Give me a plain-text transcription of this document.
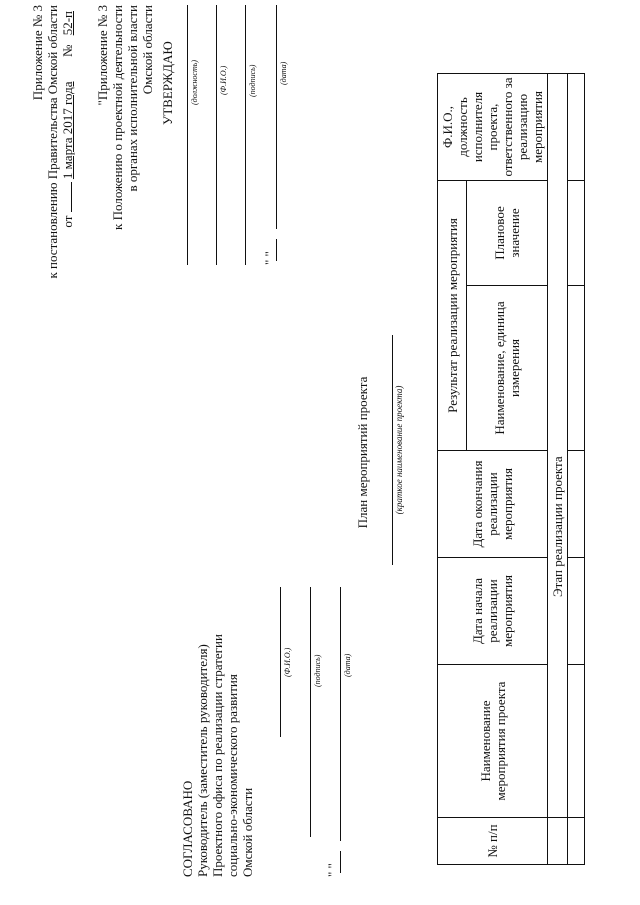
Приложение № 3 к постановлению Правительства Омской области от  1 марта 2017 года  № 52-п "Приложение № 3 к Положению о проектной деятельности в органах исполнительной власти Омской области УТВЕРЖДАЮ (должность)	(Ф.И.О.)	(подпись)
" "
(дата)
СОГЛАСОВАНО Руководитель (заместитель руководителя) Проектного офиса по реализации стратегии социально-экономического развития Омской области
(Ф.И.О.)	(подпись)
" "
(дата)
План мероприятий проекта	(краткое наименование проекта)
№ п/п	Наименование мероприятия проекта	Дата начала реализации мероприятия	Дата окончания реализации мероприятия	Результат реализации мероприятия		Ф.И.О., должность исполнителя проекта, ответственного за реализацию мероприятия
				Наименование, единица измерения	Плановое значение	
	Этап реализации проекта					
